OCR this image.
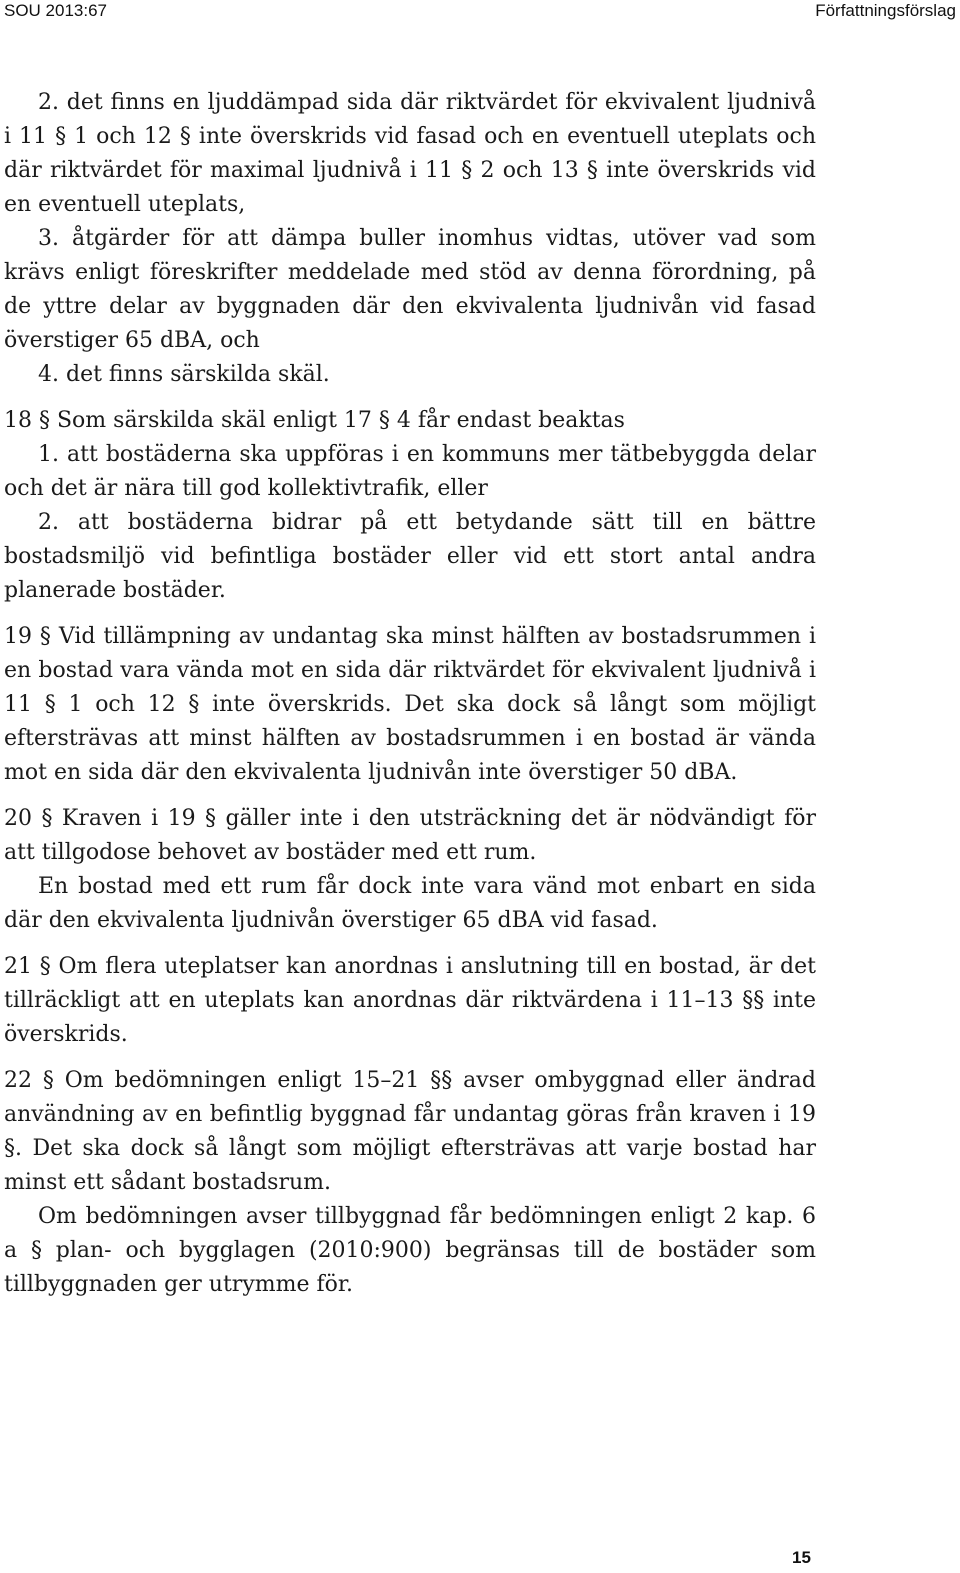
SOU 2013:67	Författningsförslag

2. det finns en ljuddämpad sida där riktvärdet för ekvivalent ljudnivå i 11 § 1 och 12 § inte överskrids vid fasad och en eventuell uteplats och där riktvärdet för maximal ljudnivå i 11 § 2 och 13 § inte överskrids vid en eventuell uteplats,

3. åtgärder för att dämpa buller inomhus vidtas, utöver vad som krävs enligt föreskrifter meddelade med stöd av denna förordning, på de yttre delar av byggnaden där den ekvivalenta ljudnivån vid fasad överstiger 65 dBA, och

4. det finns särskilda skäl.

18 § Som särskilda skäl enligt 17 § 4 får endast beaktas

1. att bostäderna ska uppföras i en kommuns mer tätbebyggda delar och det är nära till god kollektivtrafik, eller

2. att bostäderna bidrar på ett betydande sätt till en bättre bostadsmiljö vid befintliga bostäder eller vid ett stort antal andra planerade bostäder.

19 § Vid tillämpning av undantag ska minst hälften av bostadsrummen i en bostad vara vända mot en sida där riktvärdet för ekvivalent ljudnivå i 11 § 1 och 12 § inte överskrids. Det ska dock så långt som möjligt eftersträvas att minst hälften av bostadsrummen i en bostad är vända mot en sida där den ekvivalenta ljudnivån inte överstiger 50 dBA.

20 § Kraven i 19 § gäller inte i den utsträckning det är nödvändigt för att tillgodose behovet av bostäder med ett rum.

En bostad med ett rum får dock inte vara vänd mot enbart en sida där den ekvivalenta ljudnivån överstiger 65 dBA vid fasad.

21 § Om flera uteplatser kan anordnas i anslutning till en bostad, är det tillräckligt att en uteplats kan anordnas där riktvärdena i 11–13 §§ inte överskrids.

22 § Om bedömningen enligt 15–21 §§ avser ombyggnad eller ändrad användning av en befintlig byggnad får undantag göras från kraven i 19 §. Det ska dock så långt som möjligt eftersträvas att varje bostad har minst ett sådant bostadsrum.

Om bedömningen avser tillbyggnad får bedömningen enligt 2 kap. 6 a § plan- och bygglagen (2010:900) begränsas till de bostäder som tillbyggnaden ger utrymme för.

15
